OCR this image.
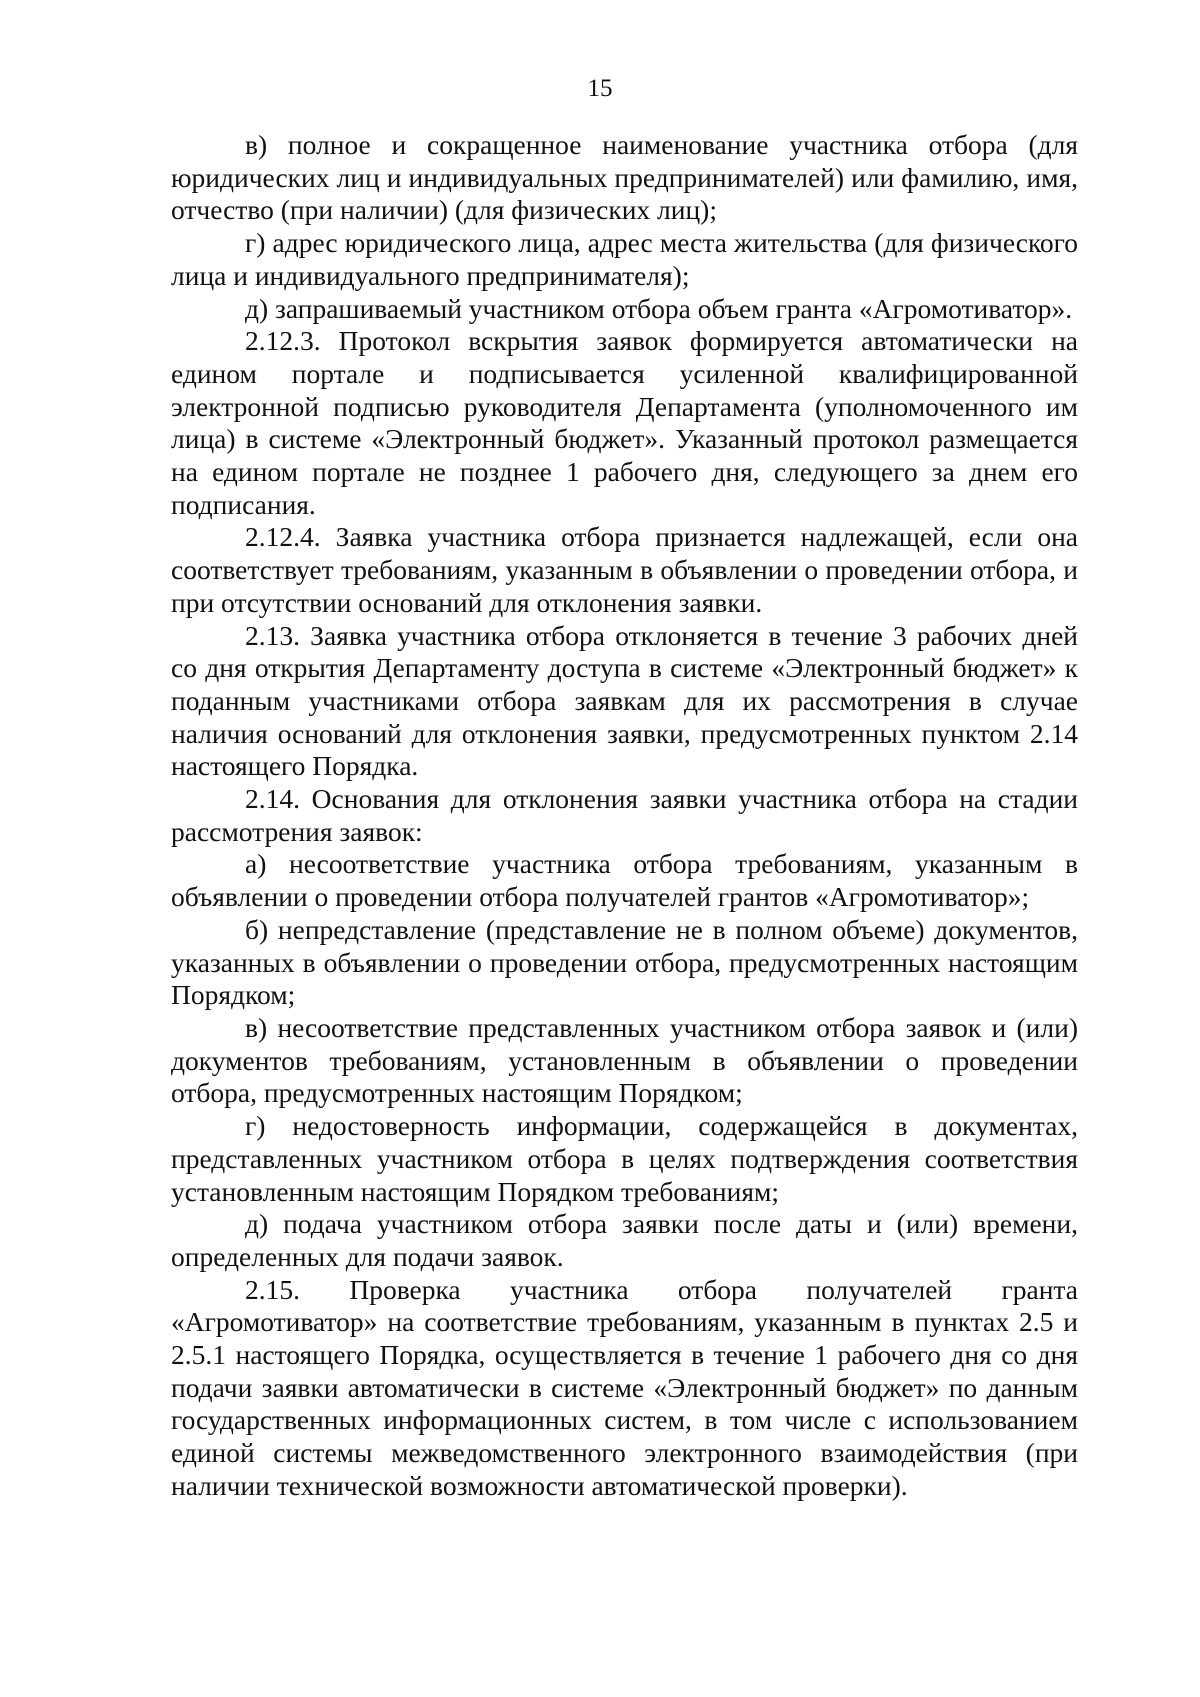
15

в) полное и сокращенное наименование участника отбора (для юридических лиц и индивидуальных предпринимателей) или фамилию, имя, отчество (при наличии) (для физических лиц);

г) адрес юридического лица, адрес места жительства (для физического лица и индивидуального предпринимателя);

д) запрашиваемый участником отбора объем гранта «Агромотиватор».

2.12.3. Протокол вскрытия заявок формируется автоматически на едином портале и подписывается усиленной квалифицированной электронной подписью руководителя Департамента (уполномоченного им лица) в системе «Электронный бюджет». Указанный протокол размещается на едином портале не позднее 1 рабочего дня, следующего за днем его подписания.

2.12.4. Заявка участника отбора признается надлежащей, если она соответствует требованиям, указанным в объявлении о проведении отбора, и при отсутствии оснований для отклонения заявки.

2.13. Заявка участника отбора отклоняется в течение 3 рабочих дней со дня открытия Департаменту доступа в системе «Электронный бюджет» к поданным участниками отбора заявкам для их рассмотрения в случае наличия оснований для отклонения заявки, предусмотренных пунктом 2.14 настоящего Порядка.

2.14. Основания для отклонения заявки участника отбора на стадии рассмотрения заявок:

а) несоответствие участника отбора требованиям, указанным в объявлении о проведении отбора получателей грантов «Агромотиватор»;

б) непредставление (представление не в полном объеме) документов, указанных в объявлении о проведении отбора, предусмотренных настоящим Порядком;

в) несоответствие представленных участником отбора заявок и (или) документов требованиям, установленным в объявлении о проведении отбора, предусмотренных настоящим Порядком;

г) недостоверность информации, содержащейся в документах, представленных участником отбора в целях подтверждения соответствия установленным настоящим Порядком требованиям;

д) подача участником отбора заявки после даты и (или) времени, определенных для подачи заявок.

2.15. Проверка участника отбора получателей гранта «Агромотиватор» на соответствие требованиям, указанным в пунктах 2.5 и 2.5.1 настоящего Порядка, осуществляется в течение 1 рабочего дня со дня подачи заявки автоматически в системе «Электронный бюджет» по данным государственных информационных систем, в том числе с использованием единой системы межведомственного электронного взаимодействия (при наличии технической возможности автоматической проверки).
